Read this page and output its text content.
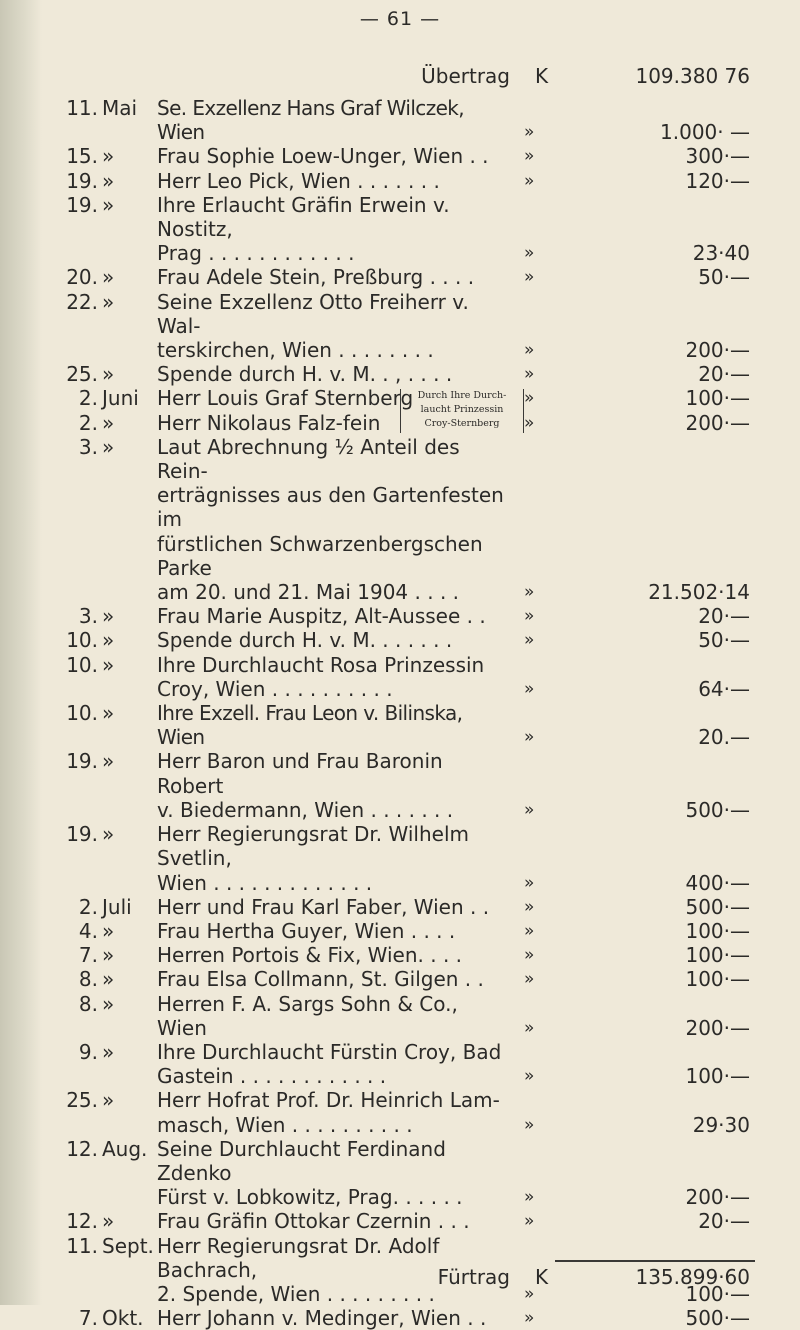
— 61 —
Übertrag K	109.380 76
11. Mai Se. Exzellenz Hans Graf Wilczek, Wien	»	1.000· —
15. » Frau Sophie Loew-Unger, Wien . .	»	300·—
19. » Herr Leo Pick, Wien . . . . . . .	»	120·—
19. » Ihre Erlaucht Gräfin Erwein v. Nostitz,
Prag . . . . . . . . . . . .	»	23·40
20. » Frau Adele Stein, Preßburg . . . .	»	50·—
22. » Seine Exzellenz Otto Freiherr v. Wal-
terskirchen, Wien . . . . . . . .	»	200·—
25. » Spende durch H. v. M. . , . . . .	»	20·—
2. Juni Herr Louis Graf Sternberg	»	100·—
Durch Ihre Durch-
laucht Prinzessin
Croy-Sternberg
2. » Herr Nikolaus Falz-fein	»	200·—
3. » Laut Abrechnung ½ Anteil des Rein-
erträgnisses aus den Gartenfesten im
fürstlichen Schwarzenbergschen Parke
am 20. und 21. Mai 1904 . . . .	»	21.502·14
3. » Frau Marie Auspitz, Alt-Aussee . .	»	20·—
10. » Spende durch H. v. M. . . . . . .	»	50·—
10. » Ihre Durchlaucht Rosa Prinzessin
Croy, Wien . . . . . . . . . .	»	64·—
10. » Ihre Exzell. Frau Leon v. Bilinska, Wien	»	20.—
19. » Herr Baron und Frau Baronin Robert
v. Biedermann, Wien . . . . . . .	»	500·—
19. » Herr Regierungsrat Dr. Wilhelm Svetlin,
Wien . . . . . . . . . . . . .	»	400·—
2. Juli Herr und Frau Karl Faber, Wien . .	»	500·—
4. » Frau Hertha Guyer, Wien . . . .	»	100·—
7. » Herren Portois & Fix, Wien. . . .	»	100·—
8. » Frau Elsa Collmann, St. Gilgen . .	»	100·—
8. » Herren F. A. Sargs Sohn & Co., Wien	»	200·—
9. » Ihre Durchlaucht Fürstin Croy, Bad
Gastein . . . . . . . . . . . .	»	100·—
25. » Herr Hofrat Prof. Dr. Heinrich Lam-
masch, Wien . . . . . . . . . .	»	29·30
12. Aug. Seine Durchlaucht Ferdinand Zdenko
Fürst v. Lobkowitz, Prag. . . . . .	»	200·—
12. » Frau Gräfin Ottokar Czernin . . .	»	20·—
11. Sept. Herr Regierungsrat Dr. Adolf Bachrach,
2. Spende, Wien . . . . . . . . .	»	100·—
7. Okt. Herr Johann v. Medinger, Wien . .	»	500·—
Fürtrag K	135.899·60
